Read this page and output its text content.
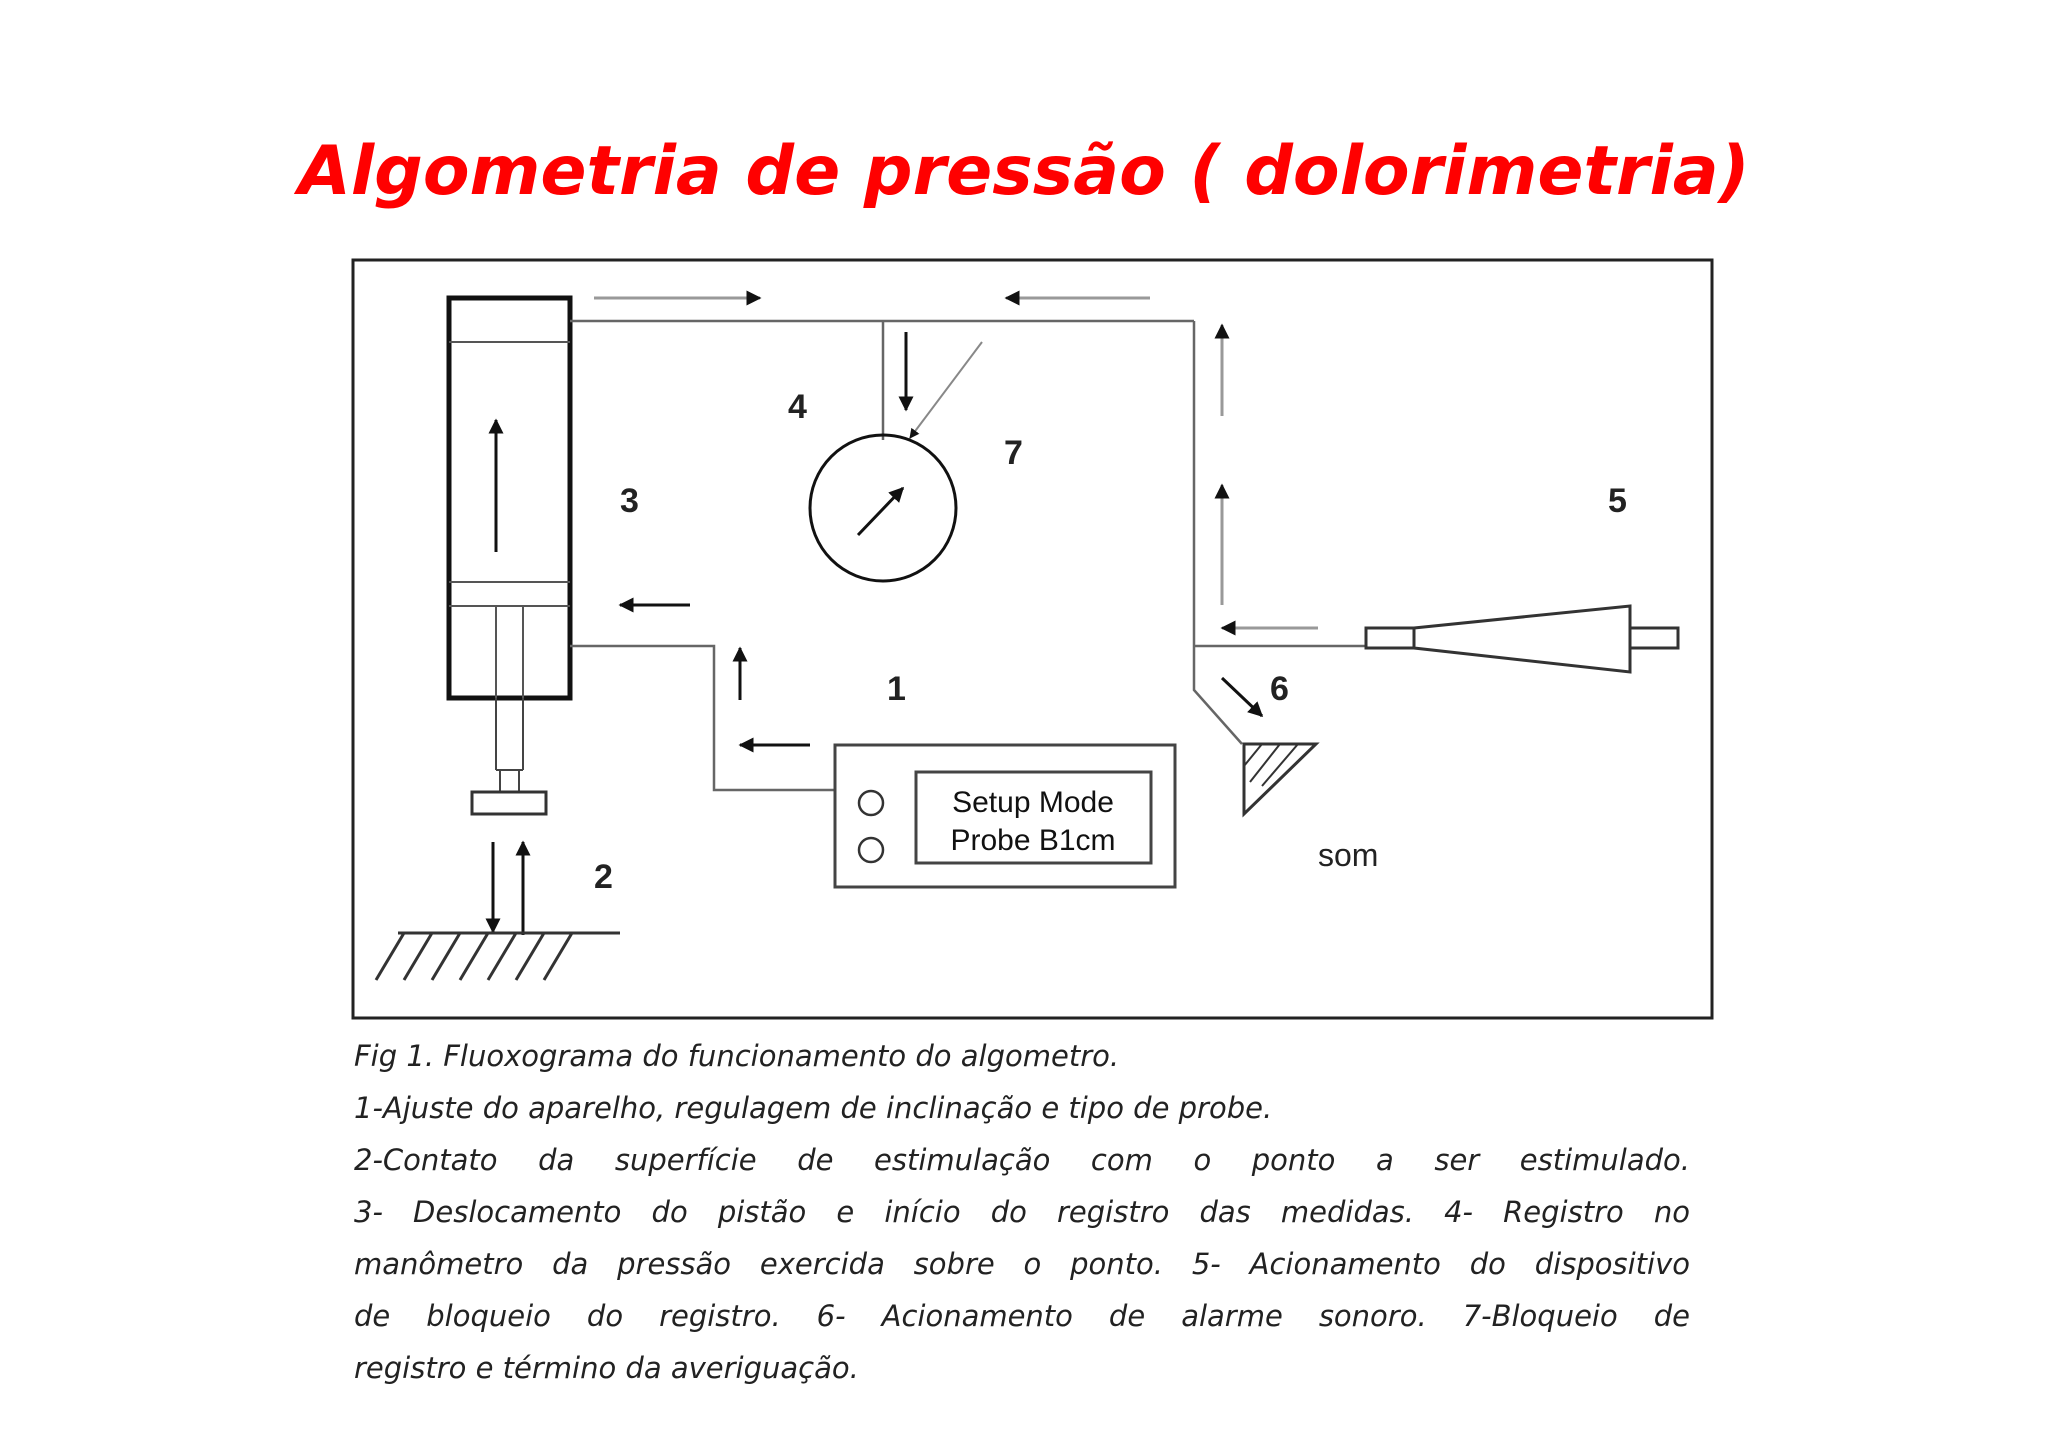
Algometria de pressão ( dolorimetria)
Setup Mode
Probe B1cm	som
1
2
3
4
5
6
7

Fig 1. Fluoxograma do funcionamento do algometro.

1-Ajuste do aparelho, regulagem de inclinação e tipo de probe.

2-Contato da superfície de estimulação com o ponto a ser estimulado.

3- Deslocamento do pistão e início do registro das medidas. 4- Registro no

manômetro da pressão exercida sobre o ponto. 5- Acionamento do dispositivo

de bloqueio do registro. 6- Acionamento de alarme sonoro. 7-Bloqueio de

registro e término da averiguação.
